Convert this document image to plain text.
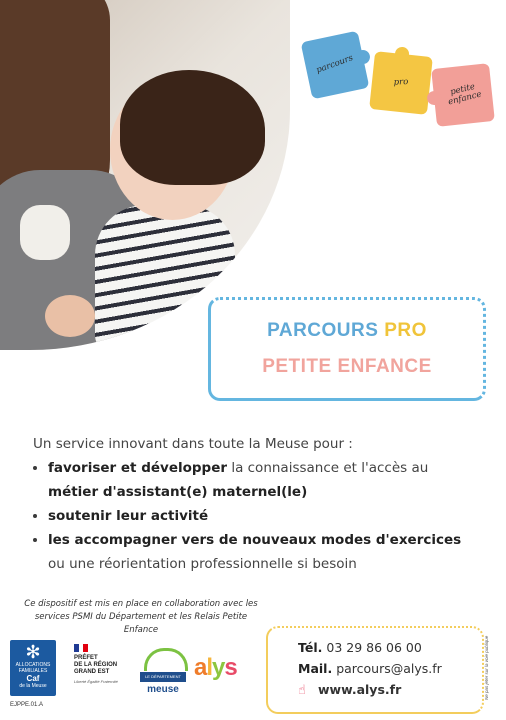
parcours
pro	petite enfance
PARCOURS PRO
PETITE ENFANCE
Un service innovant dans toute la Meuse pour :
• favoriser et développer la connaissance et l'accès au
métier d'assistant(e) maternel(le)
• soutenir leur activité
• les accompagner vers de nouveaux modes d'exercices
ou une réorientation professionnelle si besoin
Ce dispositif est mis en place en collaboration avec les services PSMI du Département et les Relais Petite Enfance
✻
ALLOCATIONS FAMILIALES
Caf
de la Meuse
EJPPE.01.A
PRÉFET
DE LA RÉGION
GRAND EST
Liberté Égalité Fraternité
LE DÉPARTEMENT
meuse
alys
Tél. 03 29 86 06 00
Mail. parcours@alys.fr
☝ www.alys.fr	Ne pas jeter sur la voie publique
